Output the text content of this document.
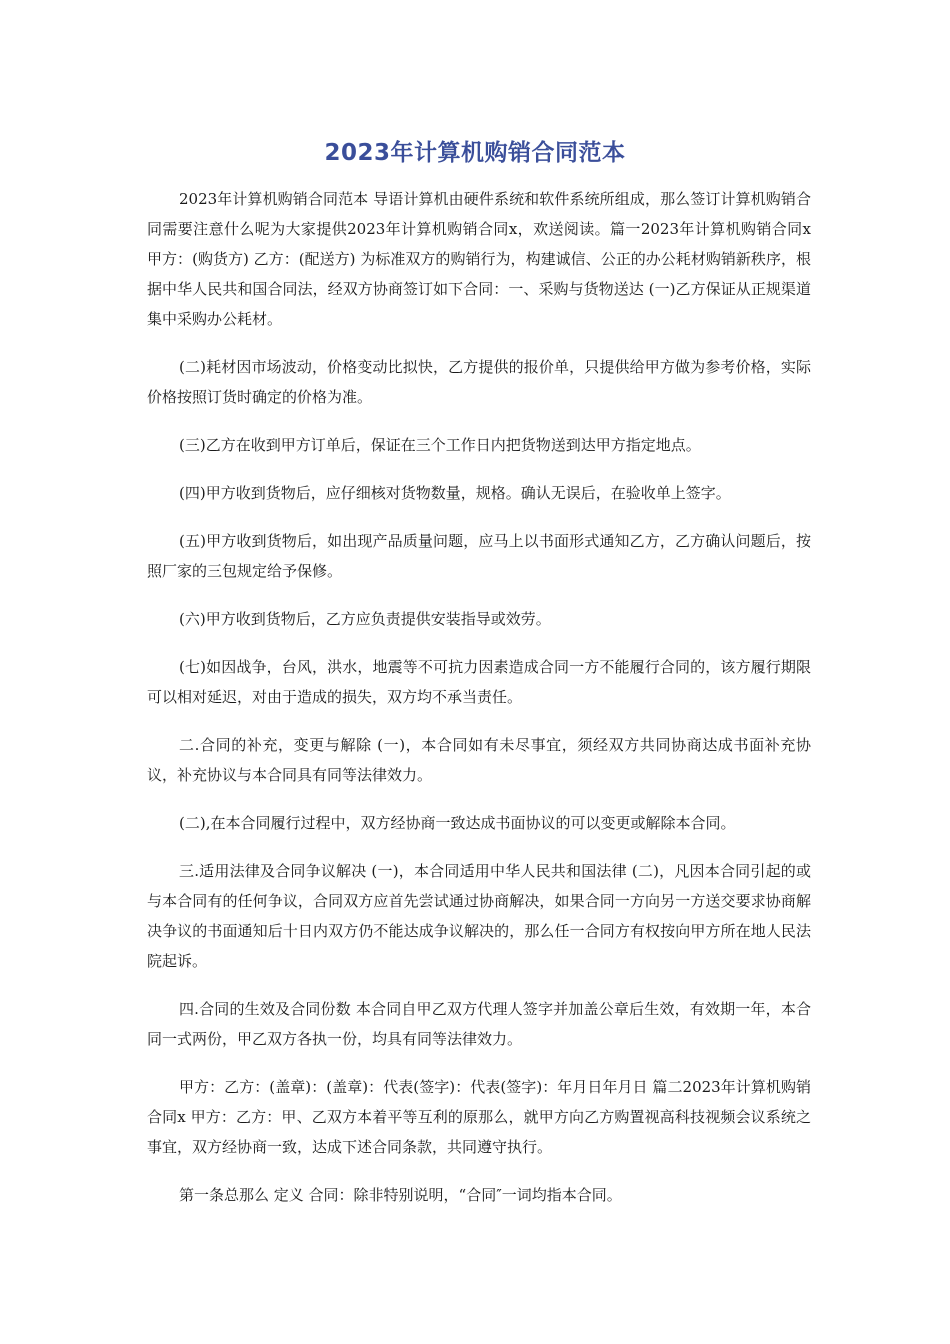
2023年计算机购销合同范本

2023年计算机购销合同范本 导语计算机由硬件系统和软件系统所组成，那么签订计算机购销合同需要注意什么呢为大家提供2023年计算机购销合同x，欢送阅读。篇一2023年计算机购销合同x 甲方：(购货方) 乙方：(配送方) 为标准双方的购销行为，构建诚信、公正的办公耗材购销新秩序，根据中华人民共和国合同法，经双方协商签订如下合同：一、采购与货物送达 (一)乙方保证从正规渠道集中采购办公耗材。

(二)耗材因市场波动，价格变动比拟快，乙方提供的报价单，只提供给甲方做为参考价格，实际价格按照订货时确定的价格为准。

(三)乙方在收到甲方订单后，保证在三个工作日内把货物送到达甲方指定地点。

(四)甲方收到货物后，应仔细核对货物数量，规格。确认无误后，在验收单上签字。

(五)甲方收到货物后，如出现产品质量问题，应马上以书面形式通知乙方，乙方确认问题后，按照厂家的三包规定给予保修。

(六)甲方收到货物后，乙方应负责提供安装指导或效劳。

(七)如因战争，台风，洪水，地震等不可抗力因素造成合同一方不能履行合同的，该方履行期限可以相对延迟，对由于造成的损失，双方均不承当责任。

二.合同的补充，变更与解除 (一)，本合同如有未尽事宜，须经双方共同协商达成书面补充协议，补充协议与本合同具有同等法律效力。

(二),在本合同履行过程中，双方经协商一致达成书面协议的可以变更或解除本合同。

三.适用法律及合同争议解决 (一)，本合同适用中华人民共和国法律 (二)，凡因本合同引起的或与本合同有的任何争议，合同双方应首先尝试通过协商解决，如果合同一方向另一方送交要求协商解决争议的书面通知后十日内双方仍不能达成争议解决的，那么任一合同方有权按向甲方所在地人民法院起诉。

四.合同的生效及合同份数 本合同自甲乙双方代理人签字并加盖公章后生效，有效期一年，本合同一式两份，甲乙双方各执一份，均具有同等法律效力。

甲方：乙方：(盖章)：(盖章)：代表(签字)：代表(签字)：年月日年月日 篇二2023年计算机购销合同x 甲方：乙方：甲、乙双方本着平等互利的原那么，就甲方向乙方购置视高科技视频会议系统之事宜，双方经协商一致，达成下述合同条款，共同遵守执行。

第一条总那么 定义 合同：除非特别说明，“合同″一词均指本合同。
